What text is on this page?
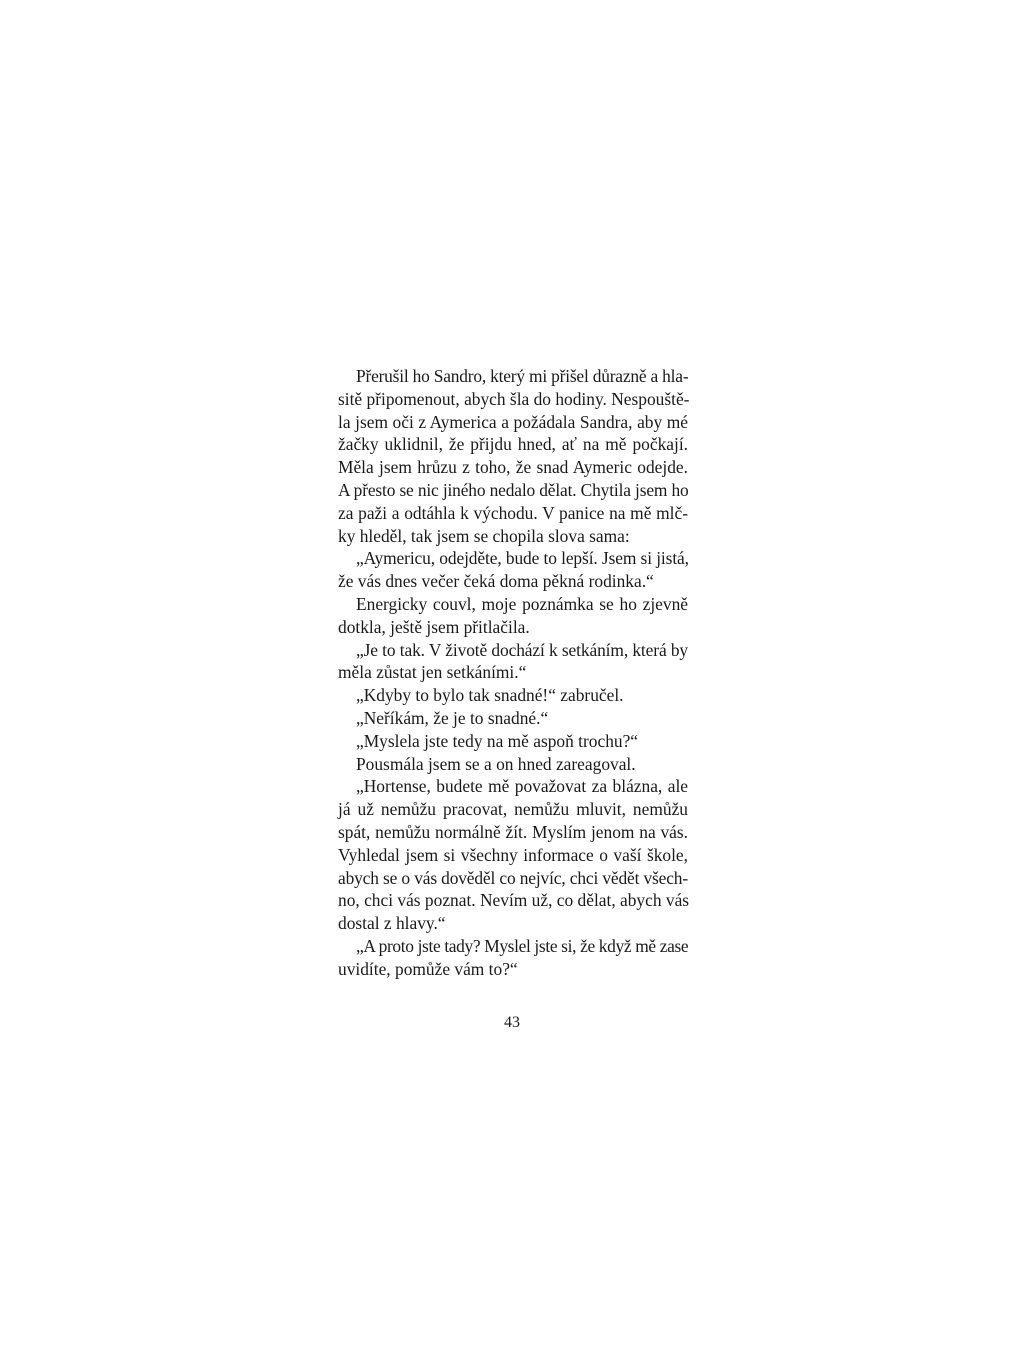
Přerušil ho Sandro, který mi přišel důrazně a hla-
sitě připomenout, abych šla do hodiny. Nespouště-
la jsem oči z Aymerica a požádala Sandra, aby mé
žačky uklidnil, že přijdu hned, ať na mě počkají.
Měla jsem hrůzu z toho, že snad Aymeric odejde.
A přesto se nic jiného nedalo dělat. Chytila jsem ho
za paži a odtáhla k východu. V panice na mě mlč-
ky hleděl, tak jsem se chopila slova sama:
„Aymericu, odejděte, bude to lepší. Jsem si jistá,
že vás dnes večer čeká doma pěkná rodinka.“
Energicky couvl, moje poznámka se ho zjevně
dotkla, ještě jsem přitlačila.
„Je to tak. V životě dochází k setkáním, která by
měla zůstat jen setkáními.“
„Kdyby to bylo tak snadné!“ zabručel.
„Neříkám, že je to snadné.“
„Myslela jste tedy na mě aspoň trochu?“
Pousmála jsem se a on hned zareagoval.
„Hortense, budete mě považovat za blázna, ale
já už nemůžu pracovat, nemůžu mluvit, nemůžu
spát, nemůžu normálně žít. Myslím jenom na vás.
Vyhledal jsem si všechny informace o vaší škole,
abych se o vás dověděl co nejvíc, chci vědět všech-
no, chci vás poznat. Nevím už, co dělat, abych vás
dostal z hlavy.“
„A proto jste tady? Myslel jste si, že když mě zase
uvidíte, pomůže vám to?“
43
